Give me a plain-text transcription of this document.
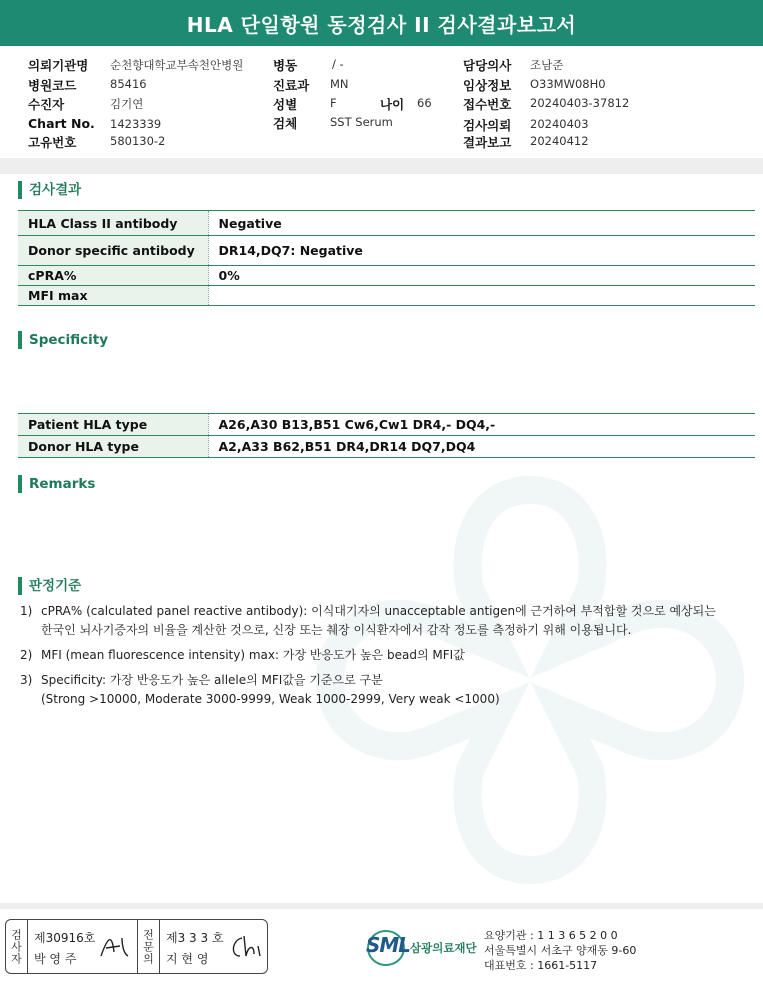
HLA 단일항원 동정검사 II 검사결과보고서
의뢰기관명 순천향대학교부속천안병원
병원코드	85416
수진자	김기연
Chart No. 1423339
고유번호	580130-2
병동	/ -
진료과 MN
성별	F	나이 66
검체	SST Serum
담당의사 조남준
임상정보 O33MW08H0
접수번호 20240403-37812
검사의뢰 20240403
결과보고 20240412
검사결과
HLA Class II antibody	Negative
Donor specific antibody	DR14,DQ7: Negative
cPRA%	0%
MFI max	
Specificity
Patient HLA type	A26,A30 B13,B51 Cw6,Cw1 DR4,- DQ4,-
Donor HLA type	A2,A33 B62,B51 DR4,DR14 DQ7,DQ4
Remarks
판정기준
1) cPRA% (calculated panel reactive antibody): 이식대기자의 unacceptable antigen에 근거하여 부적합할 것으로 예상되는
한국인 뇌사기증자의 비율을 계산한 것으로, 신장 또는 췌장 이식환자에서 감작 정도를 측정하기 위해 이용됩니다.
2) MFI (mean fluorescence intensity) max: 가장 반응도가 높은 bead의 MFI값
3) Specificity: 가장 반응도가 높은 allele의 MFI값을 기준으로 구분
(Strong >10000, Moderate 3000-9999, Weak 1000-2999, Very weak <1000)
검사자 제30916호
박 영 주	전문의 제3 3 3 호
지 현 영
SML 삼광의료재단
요양기관 : 1 1 3 6 5 2 0 0
서울특별시 서초구 양재동 9-60
대표번호 : 1661-5117
